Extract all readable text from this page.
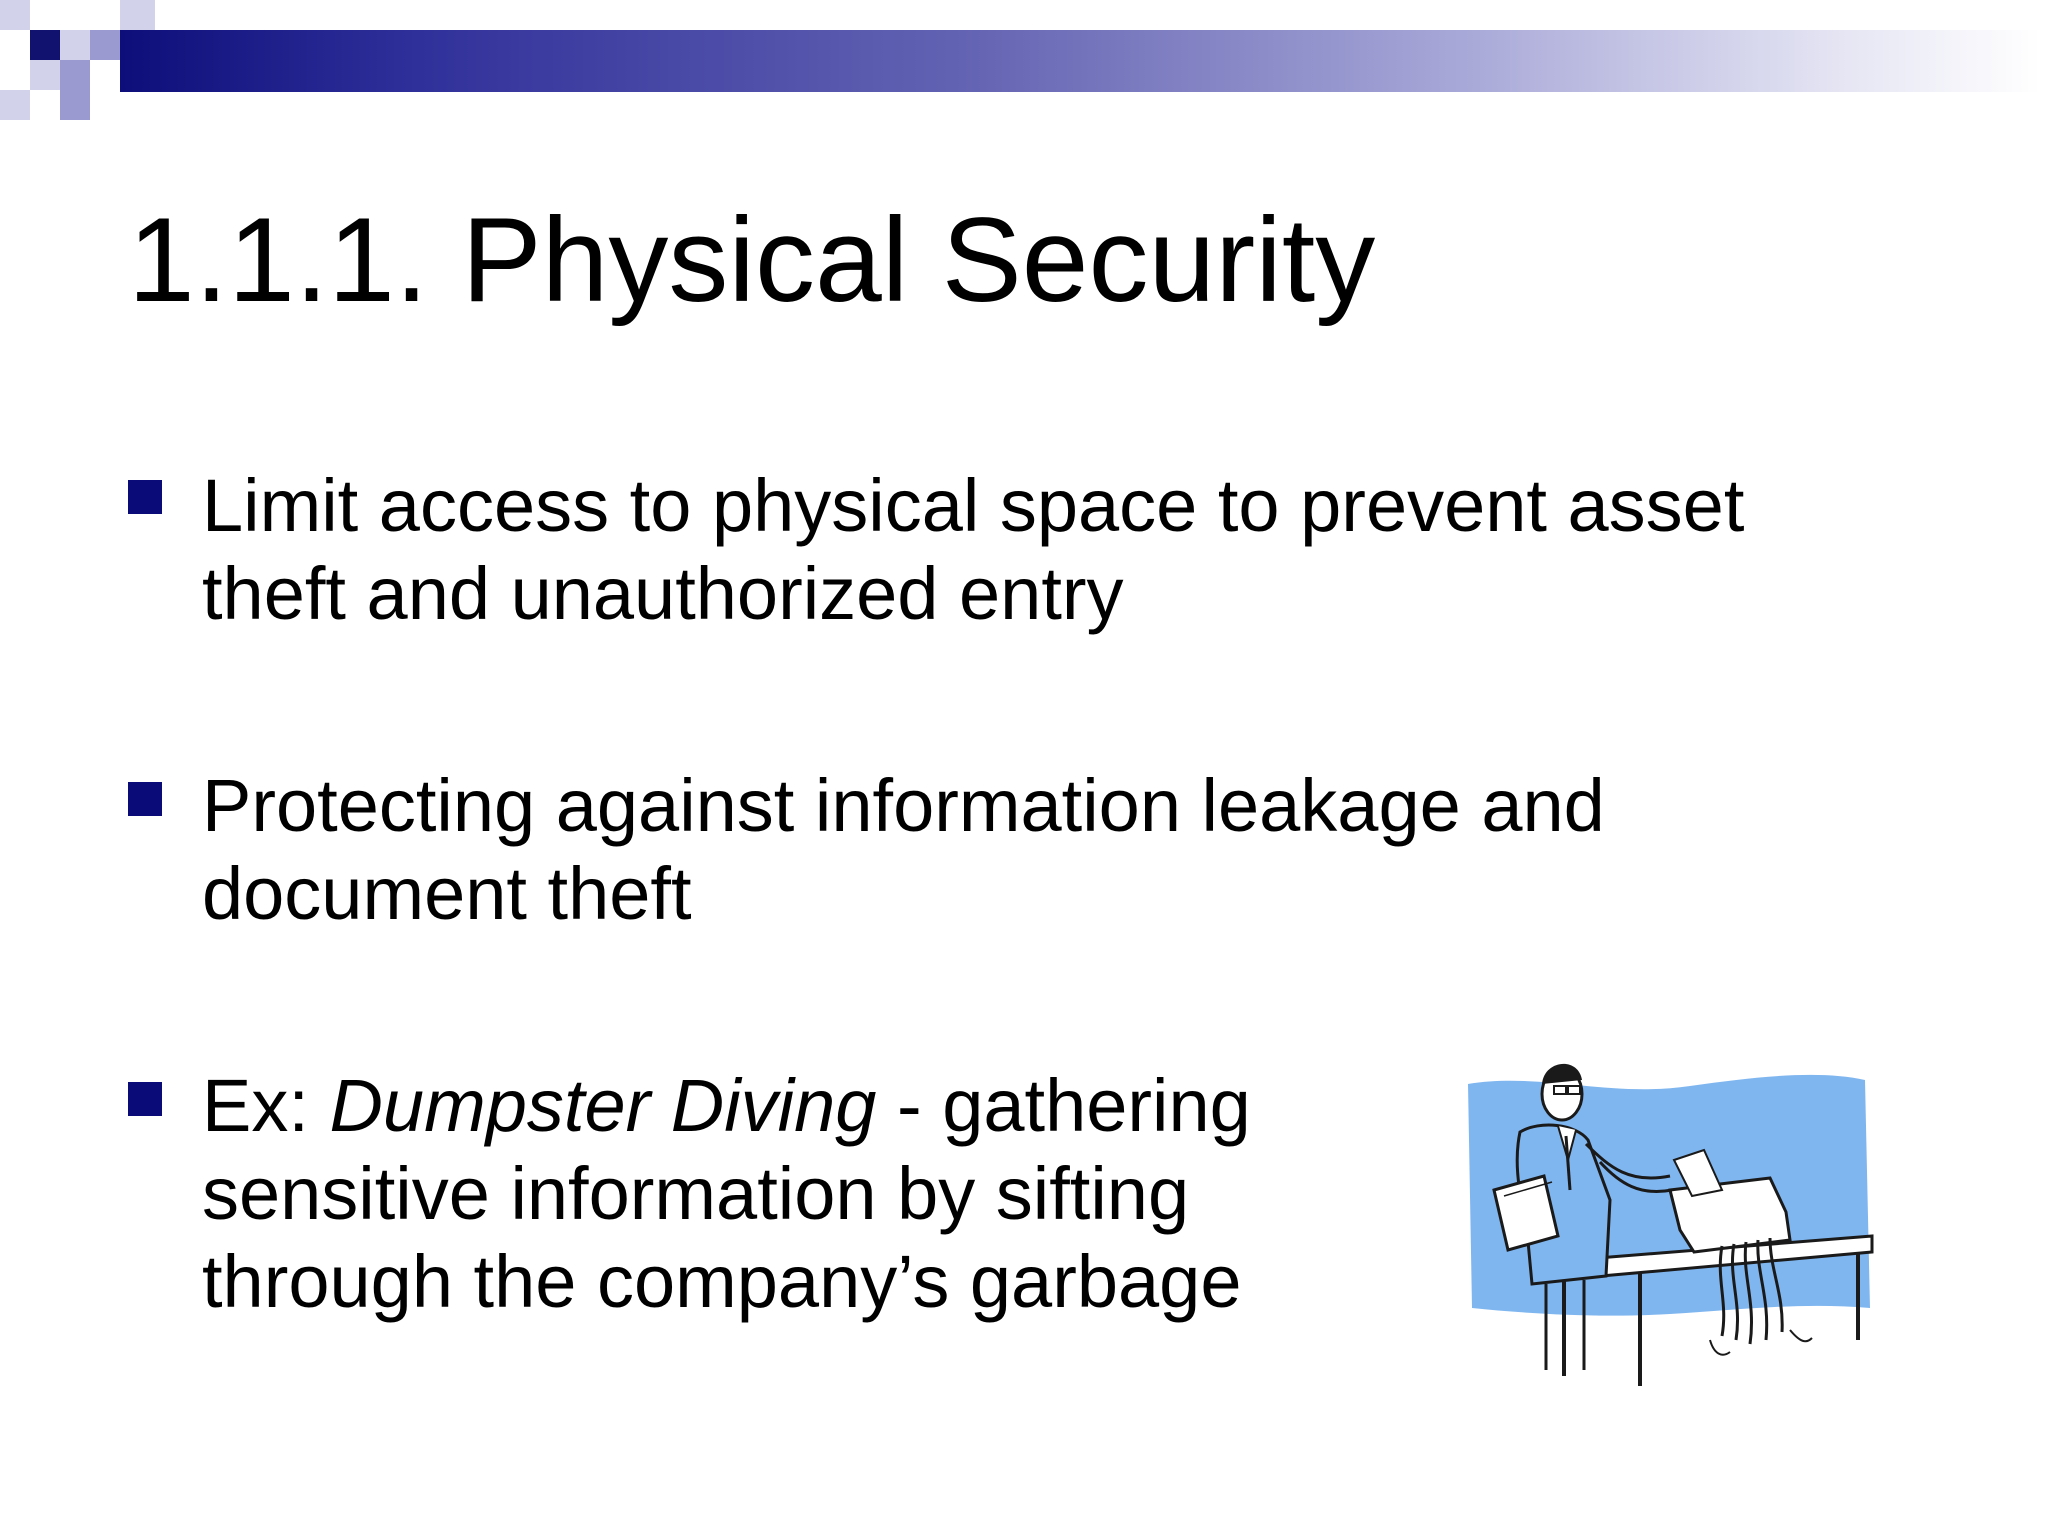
1.1.1. Physical Security
Limit access to physical space to prevent asset
theft and unauthorized entry
Protecting against information leakage and
document theft
Ex: Dumpster Diving - gathering
sensitive information by sifting
through the company’s garbage
